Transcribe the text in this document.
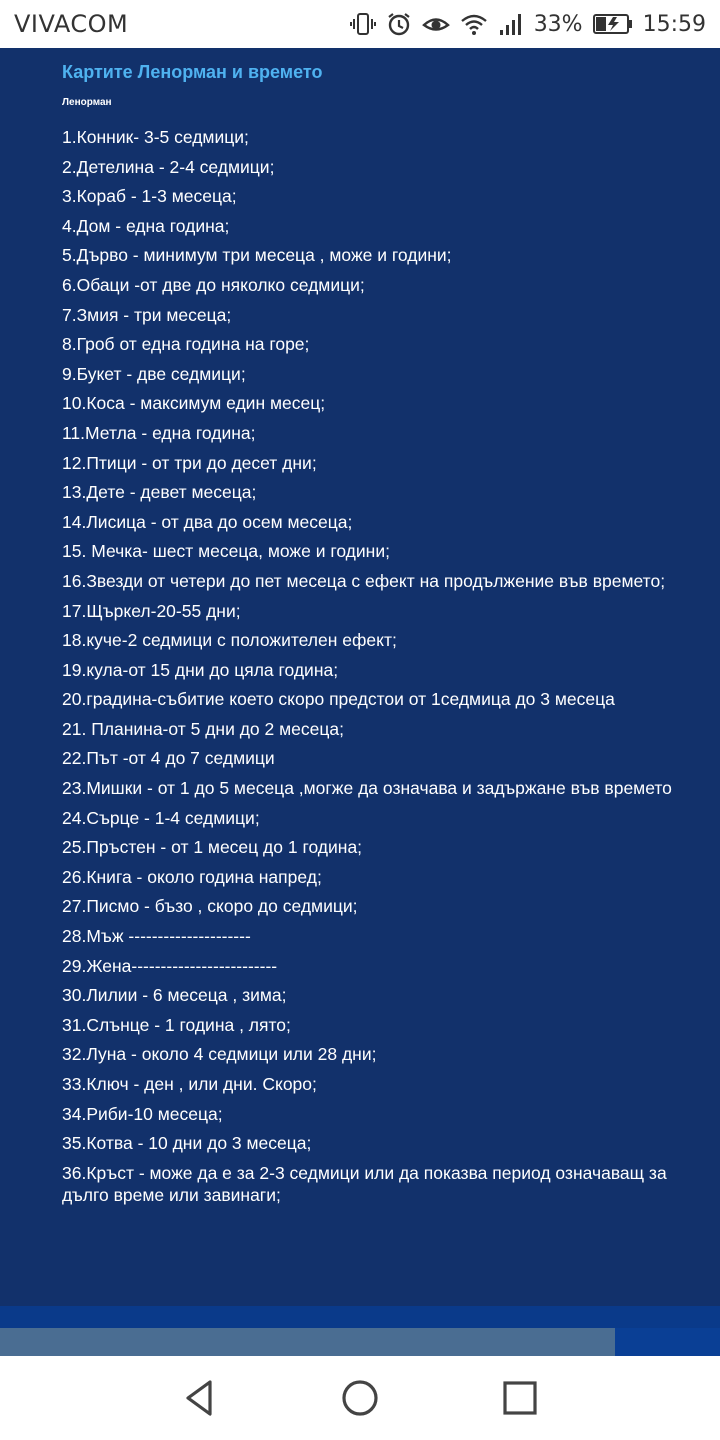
VIVACOM	33%	15:59
Картите Ленорман и времето
Ленорман
1.Конник- 3-5 седмици;
2.Детелина - 2-4 седмици;
3.Кораб - 1-3 месеца;
4.Дом - една година;
5.Дърво - минимум три месеца , може и години;
6.Обаци -от две до няколко седмици;
7.Змия - три месеца;
8.Гроб от една година на горе;
9.Букет - две седмици;
10.Коса - максимум един месец;
11.Метла - една година;
12.Птици - от три до десет дни;
13.Дете - девет месеца;
14.Лисица - от два до осем месеца;
15. Мечка- шест месеца, може и години;
16.Звезди от четери до пет месеца с ефект на продължение във времето;
17.Щъркел-20-55 дни;
18.куче-2 седмици с положителен ефект;
19.кула-от 15 дни до цяла година;
20.градина-събитие което скоро предстои от 1седмица до 3 месеца
21. Планина-от 5 дни до 2 месеца;
22.Път -от 4 до 7 седмици
23.Мишки - от 1 до 5 месеца ,могже да означава и задържане във времето
24.Сърце - 1-4 седмици;
25.Пръстен - от 1 месец до 1 година;
26.Книга - около година напред;
27.Писмо - бъзо , скоро до седмици;
28.Мъж ---------------------
29.Жена-------------------------
30.Лилии - 6 месеца , зима;
31.Слънце - 1 година , лято;
32.Луна - около 4 седмици или 28 дни;
33.Ключ - ден , или дни. Скоро;
34.Риби-10 месеца;
35.Котва - 10 дни до 3 месеца;
36.Кръст - може да е за 2-3 седмици или да показва период означаващ за дълго време или завинаги;
